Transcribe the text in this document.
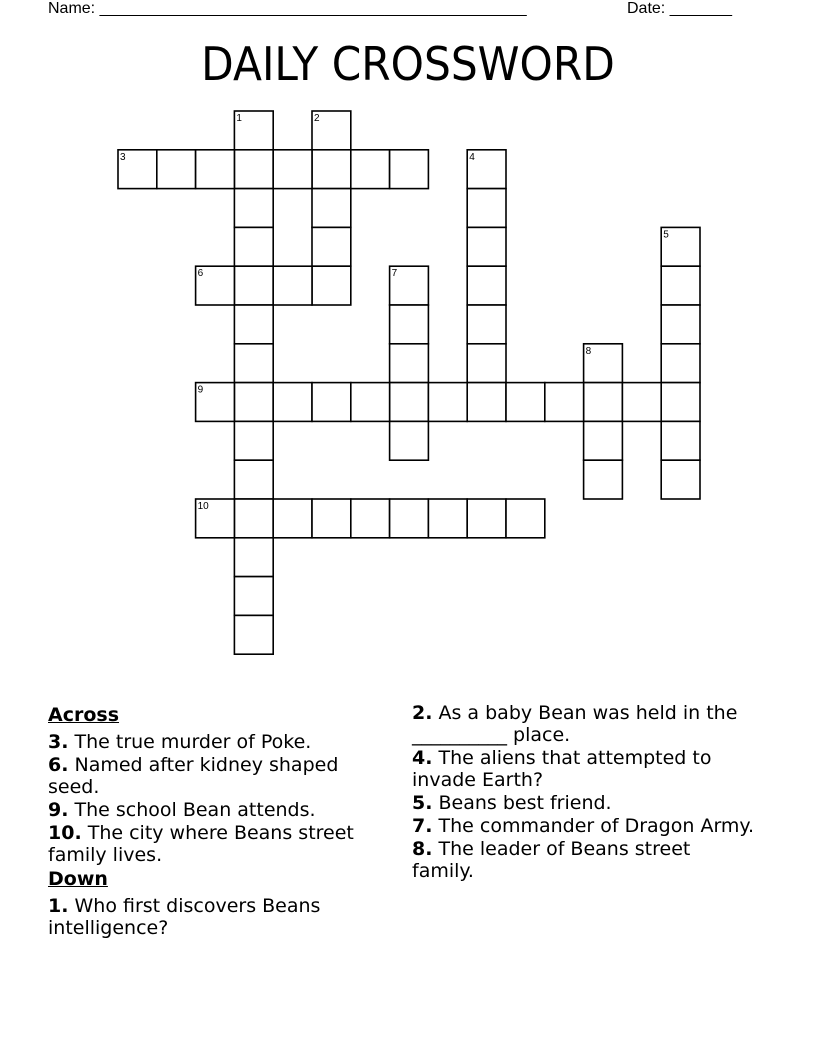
Name: ________________________________________________	Date: _______
DAILY CROSSWORD
1	2
3	4
5
6	7
8
9
10
Across
3. The true murder of Poke.
6. Named after kidney shaped seed.
9. The school Bean attends.
10. The city where Beans street family lives.
Down
1. Who first discovers Beans intelligence?
2. As a baby Bean was held in the __________ place.
4. The aliens that attempted to invade Earth?
5. Beans best friend.
7. The commander of Dragon Army.
8. The leader of Beans street family.
